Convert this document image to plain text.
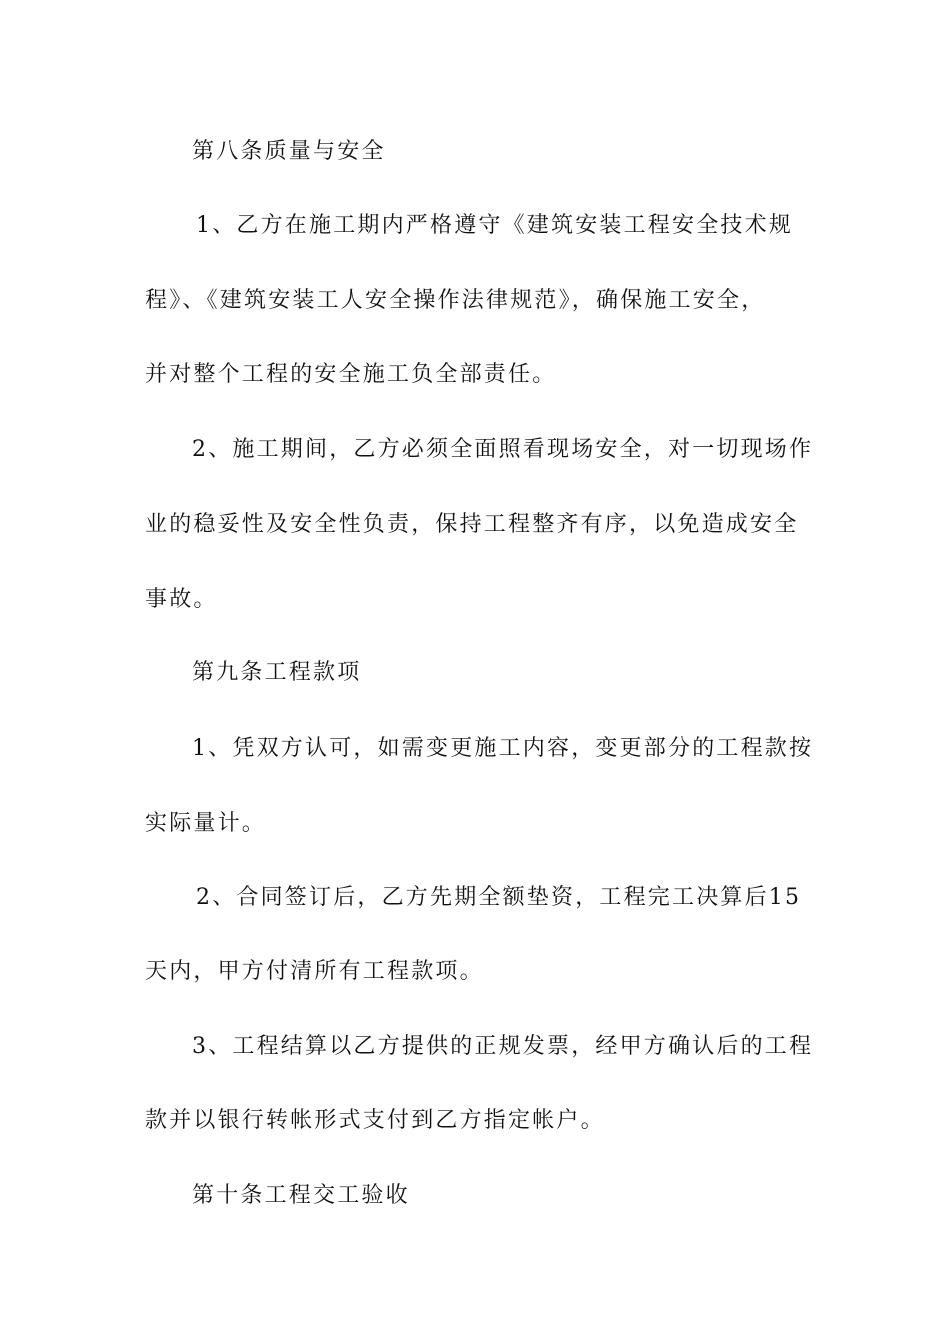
第八条质量与安全
1、乙方在施工期内严格遵守《建筑安装工程安全技术规
程》、《建筑安装工人安全操作法律规范》，确保施工安全，
并对整个工程的安全施工负全部责任。
2、施工期间，乙方必须全面照看现场安全，对一切现场作
业的稳妥性及安全性负责，保持工程整齐有序，以免造成安全
事故。
第九条工程款项
1、凭双方认可，如需变更施工内容，变更部分的工程款按
实际量计。
2、合同签订后，乙方先期全额垫资，工程完工决算后15
天内，甲方付清所有工程款项。
3、工程结算以乙方提供的正规发票，经甲方确认后的工程
款并以银行转帐形式支付到乙方指定帐户。
第十条工程交工验收
